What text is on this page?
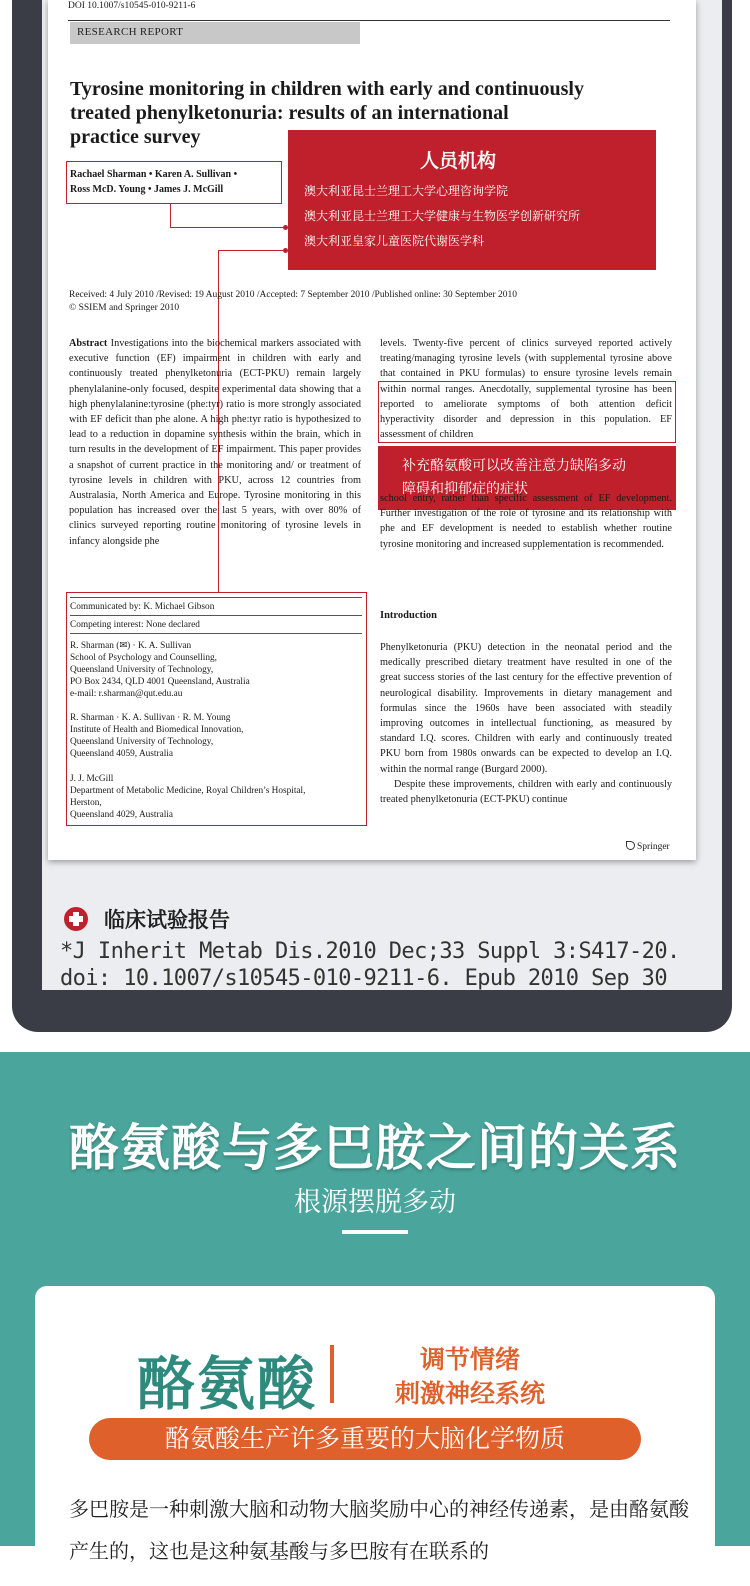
DOI 10.1007/s10545-010-9211-6
RESEARCH REPORT
Tyrosine monitoring in children with early and continuously
treated phenylketonuria: results of an international
practice survey
Rachael Sharman • Karen A. Sullivan •
Ross McD. Young • James J. McGill
人员机构
澳大利亚昆士兰理工大学心理咨询学院
澳大利亚昆士兰理工大学健康与生物医学创新研究所
澳大利亚皇家儿童医院代谢医学科
Received: 4 July 2010 /Revised: 19 August 2010 /Accepted: 7 September 2010 /Published online: 30 September 2010
© SSIEM and Springer 2010
Abstract Investigations into the biochemical markers associated with executive function (EF) impairment in children with early and continuously treated phenylketonuria (ECT-PKU) remain largely phenylalanine-only focused, despite experimental data showing that a high phenylalanine:tyrosine (phe:tyr) ratio is more strongly associated with EF deficit than phe alone. A high phe:tyr ratio is hypothesized to lead to a reduction in dopamine synthesis within the brain, which in turn results in the development of EF impairment. This paper provides a snapshot of current practice in the monitoring and/ or treatment of tyrosine levels in children with PKU, across 12 countries from Australasia, North America and Europe. Tyrosine monitoring in this population has increased over the last 5 years, with over 80% of clinics surveyed reporting routine monitoring of tyrosine levels in infancy alongside phe
levels. Twenty-five percent of clinics surveyed reported actively treating/managing tyrosine levels (with supplemental tyrosine above that contained in PKU formulas) to ensure tyrosine levels remain within normal ranges. Anecdotally, supplemental tyrosine has been reported to ameliorate symptoms of both attention deficit hyperactivity disorder and depression in this population. EF assessment of children
补充酪氨酸可以改善注意力缺陷多动
障碍和抑郁症的症状
school entry, rather than specific assessment of EF development. Further investigation of the role of tyrosine and its relationship with phe and EF development is needed to establish whether routine tyrosine monitoring and increased supplementation is recommended.
Communicated by: K. Michael Gibson
Competing interest: None declared
R. Sharman (✉) · K. A. Sullivan
School of Psychology and Counselling,
Queensland University of Technology,
PO Box 2434, QLD 4001 Queensland, Australia
e-mail: r.sharman@qut.edu.au
R. Sharman · K. A. Sullivan · R. M. Young
Institute of Health and Biomedical Innovation,
Queensland University of Technology,
Queensland 4059, Australia
J. J. McGill
Department of Metabolic Medicine, Royal Children’s Hospital,
Herston,
Queensland 4029, Australia
Introduction
Phenylketonuria (PKU) detection in the neonatal period and the medically prescribed dietary treatment have resulted in one of the great success stories of the last century for the effective prevention of neurological disability. Improvements in dietary management and formulas since the 1960s have been associated with steadily improving outcomes in intellectual functioning, as measured by standard I.Q. scores. Children with early and continuously treated PKU born from 1980s onwards can be expected to develop an I.Q. within the normal range (Burgard 2000).
Despite these improvements, children with early and continuously treated phenylketonuria (ECT-PKU) continue
Springer
临床试验报告
*J Inherit Metab Dis.2010 Dec;33 Suppl 3:S417-20. doi: 10.1007/s10545-010-9211-6. Epub 2010 Sep 30
酪氨酸与多巴胺之间的关系
根源摆脱多动
酪氨酸	调节情绪
刺激神经系统
酪氨酸生产许多重要的大脑化学物质
多巴胺是一种刺激大脑和动物大脑奖励中心的神经传递素，是由酪氨酸产生的，这也是这种氨基酸与多巴胺有在联系的
